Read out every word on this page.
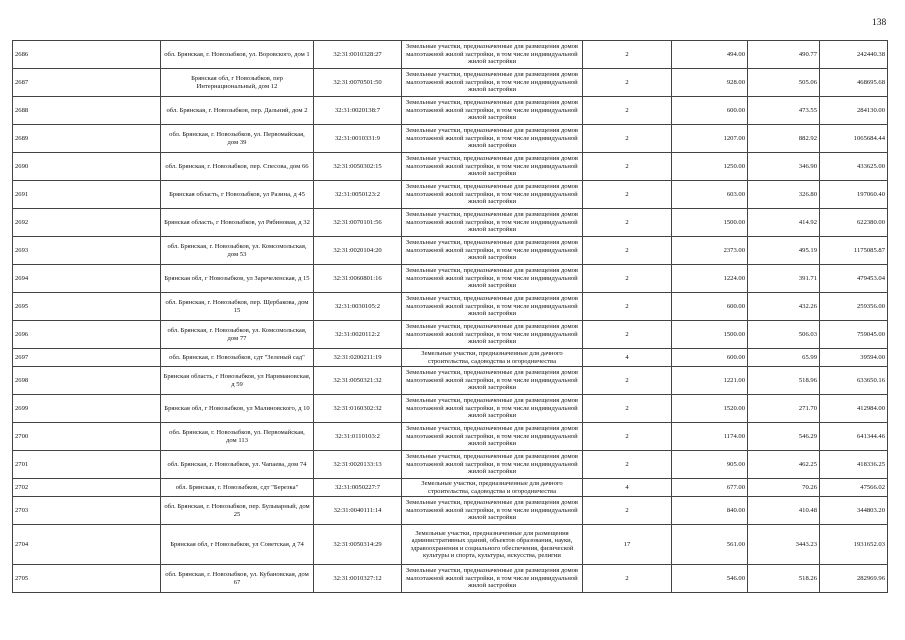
138
2686	обл. Брянская, г. Новозыбков, ул. Воровского, дом 1	32:31:0010328:27	Земельные участки, предназначенные для размещения домов малоэтажной жилой застройки, в том числе индивидуальной жилой застройки	2	494.00	490.77	242440.38
2687	Брянская обл, г Новозыбков, пер Интернациональный, дом 12	32:31:0070501:50	Земельные участки, предназначенные для размещения домов малоэтажной жилой застройки, в том числе индивидуальной жилой застройки	2	928.00	505.06	468695.68
2688	обл. Брянская, г. Новозыбков, пер. Дальний, дом 2	32:31:0020138:7	Земельные участки, предназначенные для размещения домов малоэтажной жилой застройки, в том числе индивидуальной жилой застройки	2	600.00	473.55	284130.00
2689	обл. Брянская, г. Новозыбков, ул. Первомайская, дом 39	32:31:0010331:9	Земельные участки, предназначенные для размещения домов малоэтажной жилой застройки, в том числе индивидуальной жилой застройки	2	1207.00	882.92	1065684.44
2690	обл. Брянская, г. Новозыбков, пер. Спесова, дом 66	32:31:0050302:15	Земельные участки, предназначенные для размещения домов малоэтажной жилой застройки, в том числе индивидуальной жилой застройки	2	1250.00	346.90	433625.00
2691	Брянская область, г Новозыбков, ул Разина, д 45	32:31:0050123:2	Земельные участки, предназначенные для размещения домов малоэтажной жилой застройки, в том числе индивидуальной жилой застройки	2	603.00	326.80	197060.40
2692	Брянская область, г Новозыбков, ул Рябиновая, д 32	32:31:0070101:56	Земельные участки, предназначенные для размещения домов малоэтажной жилой застройки, в том числе индивидуальной жилой застройки	2	1500.00	414.92	622380.00
2693	обл. Брянская, г. Новозыбков, ул. Комсомольская, дом 53	32:31:0020104:20	Земельные участки, предназначенные для размещения домов малоэтажной жилой застройки, в том числе индивидуальной жилой застройки	2	2373.00	495.19	1175085.87
2694	Брянская обл, г Новозыбков, ул Заречеленская, д 15	32:31:0060801:16	Земельные участки, предназначенные для размещения домов малоэтажной жилой застройки, в том числе индивидуальной жилой застройки	2	1224.00	391.71	479453.04
2695	обл. Брянская, г. Новозыбков, пер. Щербакова, дом 15	32:31:0030105:2	Земельные участки, предназначенные для размещения домов малоэтажной жилой застройки, в том числе индивидуальной жилой застройки	2	600.00	432.26	259356.00
2696	обл. Брянская, г. Новозыбков, ул. Комсомольская, дом 77	32:31:0020112:2	Земельные участки, предназначенные для размещения домов малоэтажной жилой застройки, в том числе индивидуальной жилой застройки	2	1500.00	506.03	759045.00
2697	обл. Брянская, г. Новозыбков, сдт "Зеленый сад"	32:31:0200211:19	Земельные участки, предназначенные для дачного строительства, садоводства и огородничества	4	600.00	65.99	39594.00
2698	Брянская область, г Новозыбков, ул Наримановская, д 59	32:31:0050321:32	Земельные участки, предназначенные для размещения домов малоэтажной жилой застройки, в том числе индивидуальной жилой застройки	2	1221.00	518.96	633650.16
2699	Брянская обл, г Новозыбков, ул Малиновского, д 10	32:31:0160302:32	Земельные участки, предназначенные для размещения домов малоэтажной жилой застройки, в том числе индивидуальной жилой застройки	2	1520.00	271.70	412984.00
2700	обл. Брянская, г. Новозыбков, ул. Первомайская, дом 113	32:31:0110103:2	Земельные участки, предназначенные для размещения домов малоэтажной жилой застройки, в том числе индивидуальной жилой застройки	2	1174.00	546.29	641344.46
2701	обл. Брянская, г. Новозыбков, ул. Чапаева, дом 74	32:31:0020133:13	Земельные участки, предназначенные для размещения домов малоэтажной жилой застройки, в том числе индивидуальной жилой застройки	2	905.00	462.25	418336.25
2702	обл. Брянская, г. Новозыбков, сдт "Березка"	32:31:0050227:7	Земельные участки, предназначенные для дачного строительства, садоводства и огородничества	4	677.00	70.26	47566.02
2703	обл. Брянская, г. Новозыбков, пер. Бульварный, дом 25	32:31:0040111:14	Земельные участки, предназначенные для размещения домов малоэтажной жилой застройки, в том числе индивидуальной жилой застройки	2	840.00	410.48	344803.20
2704	Брянская обл, г Новозыбков, ул Советская, д 74	32:31:0050314:29	Земельные участки, предназначенные для размещения административных зданий, объектов образования, науки, здравоохранения и социального обеспечения, физической культуры и спорта, культуры, искусства, религии	17	561.00	3443.23	1931652.03
2705	обл. Брянская, г. Новозыбков, ул. Кубановская, дом 67	32:31:0010327:12	Земельные участки, предназначенные для размещения домов малоэтажной жилой застройки, в том числе индивидуальной жилой застройки	2	546.00	518.26	282969.96
